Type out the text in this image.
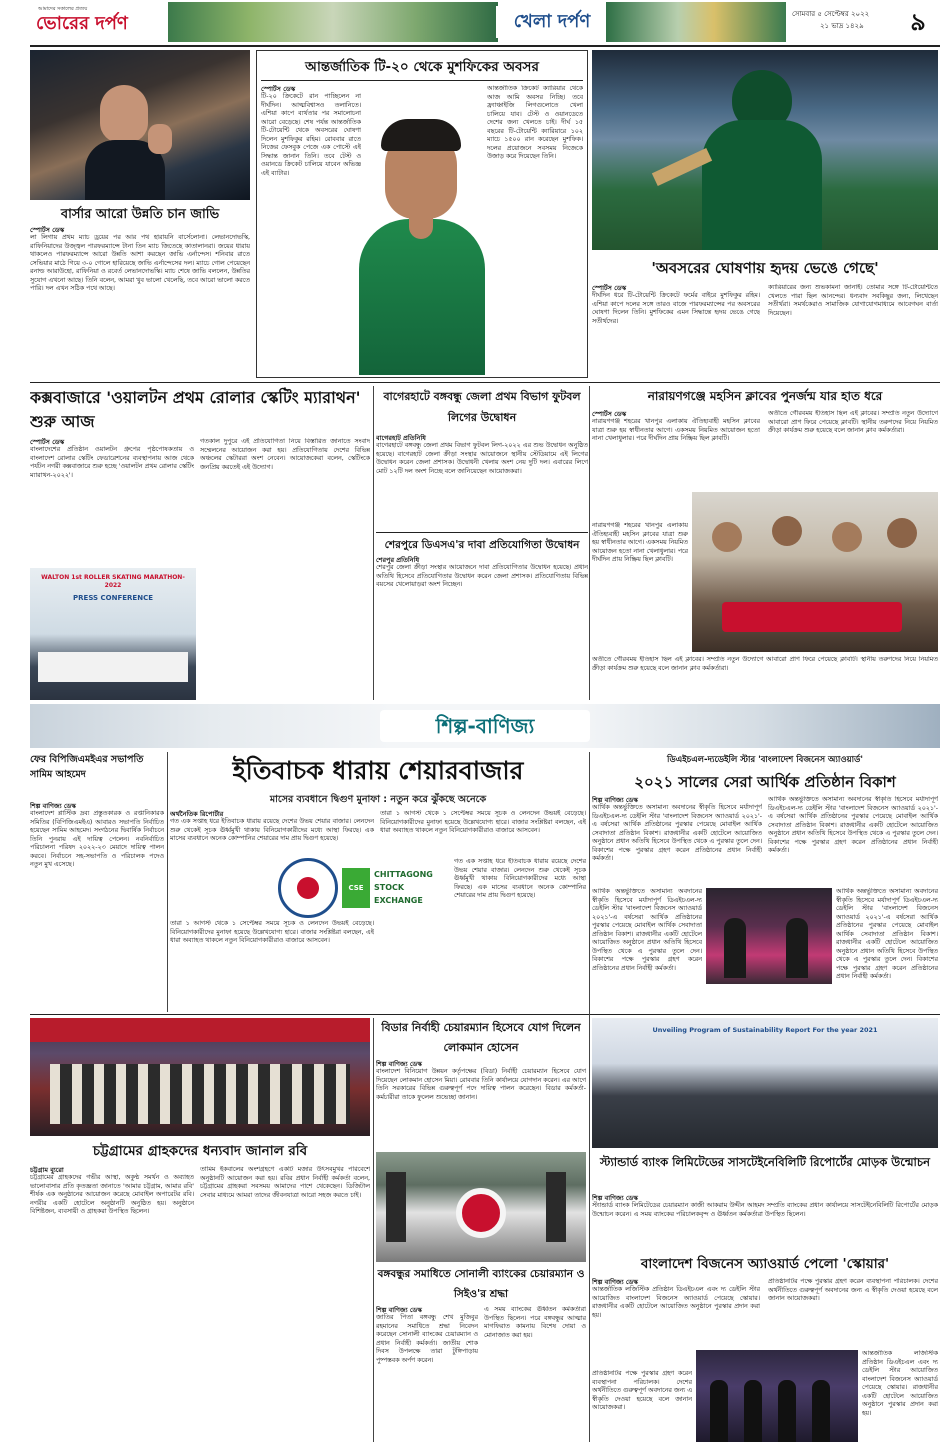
আমাদের সকালের প্রত্যয়
ভোরের দর্পণ	খেলা দর্পণ	সোমবার ৫ সেপ্টেম্বর ২০২২
২১ ভাদ্র ১৪২৯	৯
বার্সার আরো উন্নতি চান জাভি
স্পোর্টস ডেস্ক

লা লিগায় প্রথম ম্যাচ ড্রয়ের পর আর পথ হারায়নি বার্সেলোনা। লেভানদোভস্কি, রাফিনিয়াদের উজ্জ্বল পারফরম্যান্সে টানা তিন ম্যাচ জিতেছে কাতালানরা। জয়ের ধারায় থাকলেও পারফরম্যান্সে আরো উন্নতি আশা করছেন জাভি এর্নান্দেস। শনিবার রাতে সেভিয়ার মাঠে গিয়ে ৩-০ গোলে হারিয়েছে জাভি এর্নান্দেসের দল। ম্যাচে গোল পেয়েছেন রনাল্ড আরাউহো, রাফিনিয়া ও রবের্ত লেভানদোভস্কি। ম্যাচ শেষে জাভি বললেন, উন্নতির সুযোগ এখনো আছে। তিনি বলেন, আমরা খুব ভালো খেলেছি, তবে আরো ভালো করতে পারি। দল এখন সঠিক পথে আছে।

আন্তর্জাতিক টি-২০ থেকে মুশফিকের অবসর
স্পোর্টস ডেস্ক

টি-২০ ক্রিকেটে রান পাচ্ছিলেন না দীর্ঘদিন। আত্মবিশ্বাসও তলানিতে। এশিয়া কাপে ব্যর্থতার পর সমালোচনা আরো বেড়েছে। শেষ পর্যন্ত আন্তর্জাতিক টি-টোয়েন্টি থেকে অবসরের ঘোষণা দিলেন মুশফিকুর রহিম। রোববার রাতে নিজের ফেসবুক পেজে এক পোস্টে এই সিদ্ধান্ত জানান তিনি। তবে টেস্ট ও ওয়ানডে ক্রিকেট চালিয়ে যাবেন অভিজ্ঞ এই ব্যাটার।

আন্তর্জাতিক ক্রিকেট ক্যারিয়ার থেকে আজ আমি অবসর নিচ্ছি। তবে ফ্র্যাঞ্চাইজি লিগগুলোতে খেলা চালিয়ে যাব। টেস্ট ও ওয়ানডেতে দেশের জন্য খেলতে চাই। দীর্ঘ ১৫ বছরের টি-টোয়েন্টি ক্যারিয়ারে ১০২ ম্যাচে ১৫০০ রান করেছেন মুশফিক। দলের প্রয়োজনে সবসময় নিজেকে উজাড় করে দিয়েছেন তিনি।

'অবসরের ঘোষণায় হৃদয় ভেঙে গেছে'
স্পোর্টস ডেস্ক

দীর্ঘদিন ধরে টি-টোয়েন্টি ক্রিকেটে ফর্মের বাইরে মুশফিকুর রহিম। এশিয়া কাপে দলের সঙ্গে তারও বাজে পারফরম্যান্সের পর অবসরের ঘোষণা দিলেন তিনি। মুশফিকের এমন সিদ্ধান্তে হৃদয় ভেঙে গেছে সতীর্থদের।

ক্যারিয়ারের জন্য শুভকামনা জানাই। তোমার সঙ্গে টি-টোয়েন্টিতে খেলতে পারা ছিল আনন্দের। ধন্যবাদ সবকিছুর জন্য, লিখেছেন সতীর্থরা। সমর্থকেরাও সামাজিক যোগাযোগমাধ্যমে আবেগঘন বার্তা দিয়েছেন।

কক্সবাজারে 'ওয়ালটন প্রথম রোলার স্কেটিং ম্যারাথন' শুরু আজ
স্পোর্টস ডেস্ক

বাংলাদেশের প্রতিষ্ঠান ওয়ালটন গ্রুপের পৃষ্ঠপোষকতায় ও বাংলাদেশ রোলার স্কেটিং ফেডারেশনের ব্যবস্থাপনায় আজ থেকে পর্যটন নগরী কক্সবাজারে শুরু হচ্ছে 'ওয়ালটন প্রথম রোলার স্কেটিং ম্যারাথন-২০২২'।

গতকাল দুপুরে এই প্রতিযোগিতা নিয়ে বিস্তারিত জানাতে সংবাদ সম্মেলনের আয়োজন করা হয়। প্রতিযোগিতায় দেশের বিভিন্ন অঞ্চলের স্কেটাররা অংশ নেবেন। আয়োজকেরা বলেন, স্কেটিংকে জনপ্রিয় করতেই এই উদ্যোগ।

WALTON 1st ROLLER SKATING MARATHON-2022
PRESS CONFERENCE
বাগেরহাটে বঙ্গবন্ধু জেলা প্রথম বিভাগ ফুটবল লিগের উদ্বোধন
বাগেরহাট প্রতিনিধি

বাগেরহাটে বঙ্গবন্ধু জেলা প্রথম বিভাগ ফুটবল লিগ-২০২২ এর শুভ উদ্বোধন অনুষ্ঠিত হয়েছে। বাগেরহাট জেলা ক্রীড়া সংস্থার আয়োজনে স্থানীয় স্টেডিয়ামে এই লিগের উদ্বোধন করেন জেলা প্রশাসক। উদ্বোধনী খেলায় অংশ নেয় দুটি দল। এবারের লিগে মোট ১২টি দল অংশ নিচ্ছে বলে জানিয়েছেন আয়োজকরা।

শেরপুরে ডিএসএ'র দাবা প্রতিযোগিতা উদ্বোধন
শেরপুর প্রতিনিধি

শেরপুর জেলা ক্রীড়া সংস্থার আয়োজনে দাবা প্রতিযোগিতার উদ্বোধন হয়েছে। প্রধান অতিথি হিসেবে প্রতিযোগিতার উদ্বোধন করেন জেলা প্রশাসক। প্রতিযোগিতায় বিভিন্ন বয়সের খেলোয়াড়রা অংশ নিচ্ছেন।

নারায়ণগঞ্জে মহসিন ক্লাবের পুনর্জন্ম যার হাত ধরে
স্পোর্টস ডেস্ক

নারায়ণগঞ্জ শহরের খানপুর এলাকায় ঐতিহ্যবাহী মহসিন ক্লাবের যাত্রা শুরু হয় স্বাধীনতার আগে। একসময় নিয়মিত আয়োজন হতো নানা খেলাধুলার। পরে দীর্ঘদিন প্রায় নিষ্ক্রিয় ছিল ক্লাবটি।

অতীতে গৌরবময় ইতিহাস ছিল এই ক্লাবের। সম্প্রতি নতুন উদ্যোগে আবারো প্রাণ ফিরে পেয়েছে ক্লাবটি। স্থানীয় তরুণদের নিয়ে নিয়মিত ক্রীড়া কার্যক্রম শুরু হয়েছে বলে জানান ক্লাব কর্মকর্তারা।

নারায়ণগঞ্জ শহরের খানপুর এলাকায় ঐতিহ্যবাহী মহসিন ক্লাবের যাত্রা শুরু হয় স্বাধীনতার আগে। একসময় নিয়মিত আয়োজন হতো নানা খেলাধুলার। পরে দীর্ঘদিন প্রায় নিষ্ক্রিয় ছিল ক্লাবটি।

অতীতে গৌরবময় ইতিহাস ছিল এই ক্লাবের। সম্প্রতি নতুন উদ্যোগে আবারো প্রাণ ফিরে পেয়েছে ক্লাবটি। স্থানীয় তরুণদের নিয়ে নিয়মিত ক্রীড়া কার্যক্রম শুরু হয়েছে বলে জানান ক্লাব কর্মকর্তারা।

শিল্প-বাণিজ্য
ফের বিপিজিএমইএর সভাপতি সামিম আহমেদ
শিল্প বাণিজ্য ডেস্ক

বাংলাদেশ প্লাস্টিক দ্রব্য প্রস্তুতকারক ও রপ্তানিকারক সমিতির (বিপিজিএমইএ) আবারও সভাপতি নির্বাচিত হয়েছেন সামিম আহমেদ। সংগঠনের দ্বিবার্ষিক নির্বাচনে তিনি পুনরায় এই দায়িত্ব পেলেন। নবনির্বাচিত পরিচালনা পরিষদ ২০২২-২৩ মেয়াদে দায়িত্ব পালন করবে। নির্বাচনে সহ-সভাপতি ও পরিচালক পদেও নতুন মুখ এসেছে।

ইতিবাচক ধারায় শেয়ারবাজার
মাসের ব্যবধানে দ্বিগুণ মুনাফা : নতুন করে ঝুঁকছে অনেকে
অর্থনৈতিক রিপোর্টার

গত এক সপ্তাহ ধরে ইতিবাচক ধারায় রয়েছে দেশের উভয় শেয়ার বাজার। লেনদেন শুরু থেকেই সূচক ঊর্ধ্বমুখী থাকায় বিনিয়োগকারীদের মধ্যে আস্থা ফিরছে। এক মাসের ব্যবধানে অনেক কোম্পানির শেয়ারের দাম প্রায় দ্বিগুণ হয়েছে।

তারা ১ আগস্ট থেকে ১ সেপ্টেম্বর সময়ে সূচক ও লেনদেন উভয়ই বেড়েছে। বিনিয়োগকারীদের মুনাফা হয়েছে উল্লেখযোগ্য হারে। বাজার সংশ্লিষ্টরা বলছেন, এই ধারা অব্যাহত থাকলে নতুন বিনিয়োগকারীরাও বাজারে আসবেন।

CSE
CHITTAGONG STOCK EXCHANGE

তারা ১ আগস্ট থেকে ১ সেপ্টেম্বর সময়ে সূচক ও লেনদেন উভয়ই বেড়েছে। বিনিয়োগকারীদের মুনাফা হয়েছে উল্লেখযোগ্য হারে। বাজার সংশ্লিষ্টরা বলছেন, এই ধারা অব্যাহত থাকলে নতুন বিনিয়োগকারীরাও বাজারে আসবেন।

গত এক সপ্তাহ ধরে ইতিবাচক ধারায় রয়েছে দেশের উভয় শেয়ার বাজার। লেনদেন শুরু থেকেই সূচক ঊর্ধ্বমুখী থাকায় বিনিয়োগকারীদের মধ্যে আস্থা ফিরছে। এক মাসের ব্যবধানে অনেক কোম্পানির শেয়ারের দাম প্রায় দ্বিগুণ হয়েছে।

ডিএইচএল-দ্যডেইলি স্টার 'বাংলাদেশ বিজনেস অ্যাওয়ার্ড'
২০২১ সালের সেরা আর্থিক প্রতিষ্ঠান বিকাশ
শিল্প বাণিজ্য ডেস্ক

আর্থিক অন্তর্ভুক্তিতে অসামান্য অবদানের স্বীকৃতি হিসেবে মর্যাদাপূর্ণ ডিএইচএল-দ্য ডেইলি স্টার 'বাংলাদেশ বিজনেস অ্যাওয়ার্ড ২০২১'-এ বর্ষসেরা আর্থিক প্রতিষ্ঠানের পুরস্কার পেয়েছে মোবাইল আর্থিক সেবাদাতা প্রতিষ্ঠান বিকাশ। রাজধানীর একটি হোটেলে আয়োজিত অনুষ্ঠানে প্রধান অতিথি হিসেবে উপস্থিত থেকে এ পুরস্কার তুলে দেন। বিকাশের পক্ষে পুরস্কার গ্রহণ করেন প্রতিষ্ঠানের প্রধান নির্বাহী কর্মকর্তা।

আর্থিক অন্তর্ভুক্তিতে অসামান্য অবদানের স্বীকৃতি হিসেবে মর্যাদাপূর্ণ ডিএইচএল-দ্য ডেইলি স্টার 'বাংলাদেশ বিজনেস অ্যাওয়ার্ড ২০২১'-এ বর্ষসেরা আর্থিক প্রতিষ্ঠানের পুরস্কার পেয়েছে মোবাইল আর্থিক সেবাদাতা প্রতিষ্ঠান বিকাশ। রাজধানীর একটি হোটেলে আয়োজিত অনুষ্ঠানে প্রধান অতিথি হিসেবে উপস্থিত থেকে এ পুরস্কার তুলে দেন। বিকাশের পক্ষে পুরস্কার গ্রহণ করেন প্রতিষ্ঠানের প্রধান নির্বাহী কর্মকর্তা।

আর্থিক অন্তর্ভুক্তিতে অসামান্য অবদানের স্বীকৃতি হিসেবে মর্যাদাপূর্ণ ডিএইচএল-দ্য ডেইলি স্টার 'বাংলাদেশ বিজনেস অ্যাওয়ার্ড ২০২১'-এ বর্ষসেরা আর্থিক প্রতিষ্ঠানের পুরস্কার পেয়েছে মোবাইল আর্থিক সেবাদাতা প্রতিষ্ঠান বিকাশ। রাজধানীর একটি হোটেলে আয়োজিত অনুষ্ঠানে প্রধান অতিথি হিসেবে উপস্থিত থেকে এ পুরস্কার তুলে দেন। বিকাশের পক্ষে পুরস্কার গ্রহণ করেন প্রতিষ্ঠানের প্রধান নির্বাহী কর্মকর্তা।

আর্থিক অন্তর্ভুক্তিতে অসামান্য অবদানের স্বীকৃতি হিসেবে মর্যাদাপূর্ণ ডিএইচএল-দ্য ডেইলি স্টার 'বাংলাদেশ বিজনেস অ্যাওয়ার্ড ২০২১'-এ বর্ষসেরা আর্থিক প্রতিষ্ঠানের পুরস্কার পেয়েছে মোবাইল আর্থিক সেবাদাতা প্রতিষ্ঠান বিকাশ। রাজধানীর একটি হোটেলে আয়োজিত অনুষ্ঠানে প্রধান অতিথি হিসেবে উপস্থিত থেকে এ পুরস্কার তুলে দেন। বিকাশের পক্ষে পুরস্কার গ্রহণ করেন প্রতিষ্ঠানের প্রধান নির্বাহী কর্মকর্তা।

চট্টগ্রামের গ্রাহকদের ধন্যবাদ জানাল রবি
চট্টগ্রাম ব্যুরো

চট্টগ্রামের গ্রাহকদের গভীর আস্থা, অকুণ্ঠ সমর্থন ও অব্যাহত ভালোবাসার প্রতি কৃতজ্ঞতা জানাতে 'আমার চট্টগ্রাম, আমার রবি' শীর্ষক এক অনুষ্ঠানের আয়োজন করেছে মোবাইল অপারেটর রবি। নগরীর একটি হোটেলে অনুষ্ঠানটি অনুষ্ঠিত হয়। অনুষ্ঠানে বিশিষ্টজন, ব্যবসায়ী ও গ্রাহকরা উপস্থিত ছিলেন।

তামিম ইকবালের অংশগ্রহণে একটি মজার উৎসবমুখর পরিবেশে অনুষ্ঠানটি আয়োজন করা হয়। রবির প্রধান নির্বাহী কর্মকর্তা বলেন, চট্টগ্রামের গ্রাহকরা সবসময় আমাদের পাশে থেকেছেন। ডিজিটাল সেবার মাধ্যমে আমরা তাদের জীবনযাত্রা আরো সহজ করতে চাই।

বিডার নির্বাহী চেয়ারম্যান হিসেবে যোগ দিলেন লোকমান হোসেন
শিল্প বাণিজ্য ডেস্ক

বাংলাদেশ বিনিয়োগ উন্নয়ন কর্তৃপক্ষের (বিডা) নির্বাহী চেয়ারম্যান হিসেবে যোগ দিয়েছেন লোকমান হোসেন মিয়া। রোববার তিনি কার্যালয়ে যোগদান করেন। এর আগে তিনি সরকারের বিভিন্ন গুরুত্বপূর্ণ পদে দায়িত্ব পালন করেছেন। বিডার কর্মকর্তা-কর্মচারীরা তাকে ফুলেল শুভেচ্ছা জানান।

বঙ্গবন্ধুর সমাধিতে সোনালী ব্যাংকের চেয়ারম্যান ও সিইও'র শ্রদ্ধা
শিল্প বাণিজ্য ডেস্ক

জাতির পিতা বঙ্গবন্ধু শেখ মুজিবুর রহমানের সমাধিতে শ্রদ্ধা নিবেদন করেছেন সোনালী ব্যাংকের চেয়ারম্যান ও প্রধান নির্বাহী কর্মকর্তা। জাতীয় শোক দিবস উপলক্ষে তারা টুঙ্গিপাড়ায় পুষ্পস্তবক অর্পণ করেন।

এ সময় ব্যাংকের ঊর্ধ্বতন কর্মকর্তারা উপস্থিত ছিলেন। পরে বঙ্গবন্ধুর আত্মার মাগফিরাত কামনায় বিশেষ দোয়া ও মোনাজাত করা হয়।

Unveiling Program of Sustainability Report For the year 2021
স্ট্যান্ডার্ড ব্যাংক লিমিটেডের সাসটেইনেবিলিটি রিপোর্টের মোড়ক উন্মোচন
শিল্প বাণিজ্য ডেস্ক

স্ট্যান্ডার্ড ব্যাংক লিমিটেডের চেয়ারম্যান কাজী আকরাম উদ্দীন আহমদ সম্প্রতি ব্যাংকের প্রধান কার্যালয়ে সাসটেইনেবিলিটি রিপোর্টের মোড়ক উন্মোচন করেন। এ সময় ব্যাংকের পরিচালকবৃন্দ ও ঊর্ধ্বতন কর্মকর্তারা উপস্থিত ছিলেন।

বাংলাদেশ বিজনেস অ্যাওয়ার্ড পেলো 'স্কোয়ার'
শিল্প বাণিজ্য ডেস্ক

আন্তর্জাতিক লজিস্টিক প্রতিষ্ঠান ডিএইচএল এবং দ্য ডেইলি স্টার আয়োজিত বাংলাদেশ বিজনেস অ্যাওয়ার্ড পেয়েছে স্কোয়ার। রাজধানীর একটি হোটেলে আয়োজিত অনুষ্ঠানে পুরস্কার প্রদান করা হয়।

প্রতিষ্ঠানটির পক্ষে পুরস্কার গ্রহণ করেন ব্যবস্থাপনা পরিচালক। দেশের অর্থনীতিতে গুরুত্বপূর্ণ অবদানের জন্য এ স্বীকৃতি দেওয়া হয়েছে বলে জানান আয়োজকরা।

প্রতিষ্ঠানটির পক্ষে পুরস্কার গ্রহণ করেন ব্যবস্থাপনা পরিচালক। দেশের অর্থনীতিতে গুরুত্বপূর্ণ অবদানের জন্য এ স্বীকৃতি দেওয়া হয়েছে বলে জানান আয়োজকরা।

আন্তর্জাতিক লজিস্টিক প্রতিষ্ঠান ডিএইচএল এবং দ্য ডেইলি স্টার আয়োজিত বাংলাদেশ বিজনেস অ্যাওয়ার্ড পেয়েছে স্কোয়ার। রাজধানীর একটি হোটেলে আয়োজিত অনুষ্ঠানে পুরস্কার প্রদান করা হয়।
